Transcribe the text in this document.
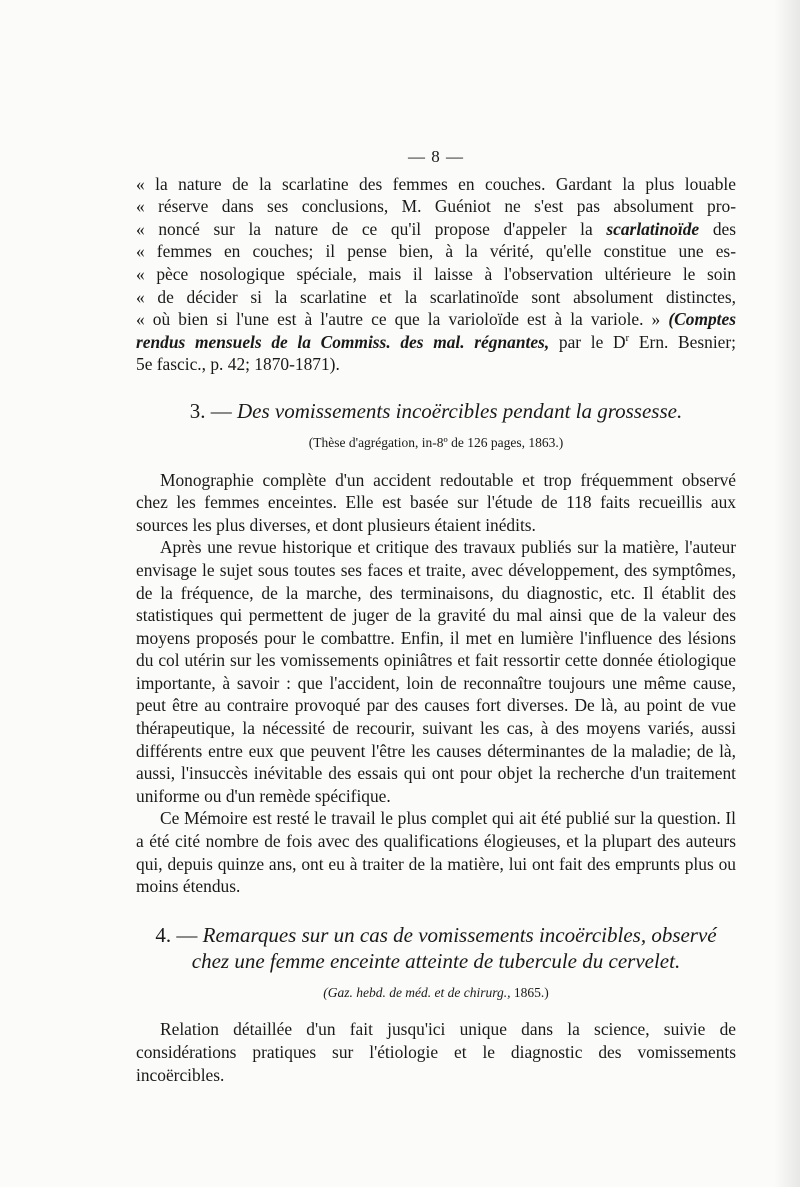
— 8 —
« la nature de la scarlatine des femmes en couches. Gardant la plus louable
« réserve dans ses conclusions, M. Guéniot ne s'est pas absolument pro-
« noncé sur la nature de ce qu'il propose d'appeler la scarlatinoïde des
« femmes en couches; il pense bien, à la vérité, qu'elle constitue une es-
« pèce nosologique spéciale, mais il laisse à l'observation ultérieure le soin
« de décider si la scarlatine et la scarlatinoïde sont absolument distinctes,
« où bien si l'une est à l'autre ce que la varioloïde est à la variole. » (Comptes
rendus mensuels de la Commiss. des mal. régnantes, par le $D^r$ Ern. Besnier;
5e fascic., p. 42; 1870-1871).
3. — Des vomissements incoërcibles pendant la grossesse.
(Thèse d'agrégation, in-8º de 126 pages, 1863.)

Monographie complète d'un accident redoutable et trop fréquemment observé chez les femmes enceintes. Elle est basée sur l'étude de 118 faits recueillis aux sources les plus diverses, et dont plusieurs étaient inédits.

Après une revue historique et critique des travaux publiés sur la matière, l'auteur envisage le sujet sous toutes ses faces et traite, avec développement, des symptômes, de la fréquence, de la marche, des terminaisons, du diagnostic, etc. Il établit des statistiques qui permettent de juger de la gravité du mal ainsi que de la valeur des moyens proposés pour le combattre. Enfin, il met en lumière l'influence des lésions du col utérin sur les vomissements opiniâtres et fait ressortir cette donnée étiologique importante, à savoir : que l'accident, loin de reconnaître toujours une même cause, peut être au contraire provoqué par des causes fort diverses. De là, au point de vue thérapeutique, la nécessité de recourir, suivant les cas, à des moyens variés, aussi différents entre eux que peuvent l'être les causes déterminantes de la maladie; de là, aussi, l'insuccès inévitable des essais qui ont pour objet la recherche d'un traitement uniforme ou d'un remède spécifique.

Ce Mémoire est resté le travail le plus complet qui ait été publié sur la question. Il a été cité nombre de fois avec des qualifications élogieuses, et la plupart des auteurs qui, depuis quinze ans, ont eu à traiter de la matière, lui ont fait des emprunts plus ou moins étendus.

4. — Remarques sur un cas de vomissements incoërcibles, observé
chez une femme enceinte atteinte de tubercule du cervelet.
(Gaz. hebd. de méd. et de chirurg., 1865.)

Relation détaillée d'un fait jusqu'ici unique dans la science, suivie de considérations pratiques sur l'étiologie et le diagnostic des vomissements incoërcibles.
